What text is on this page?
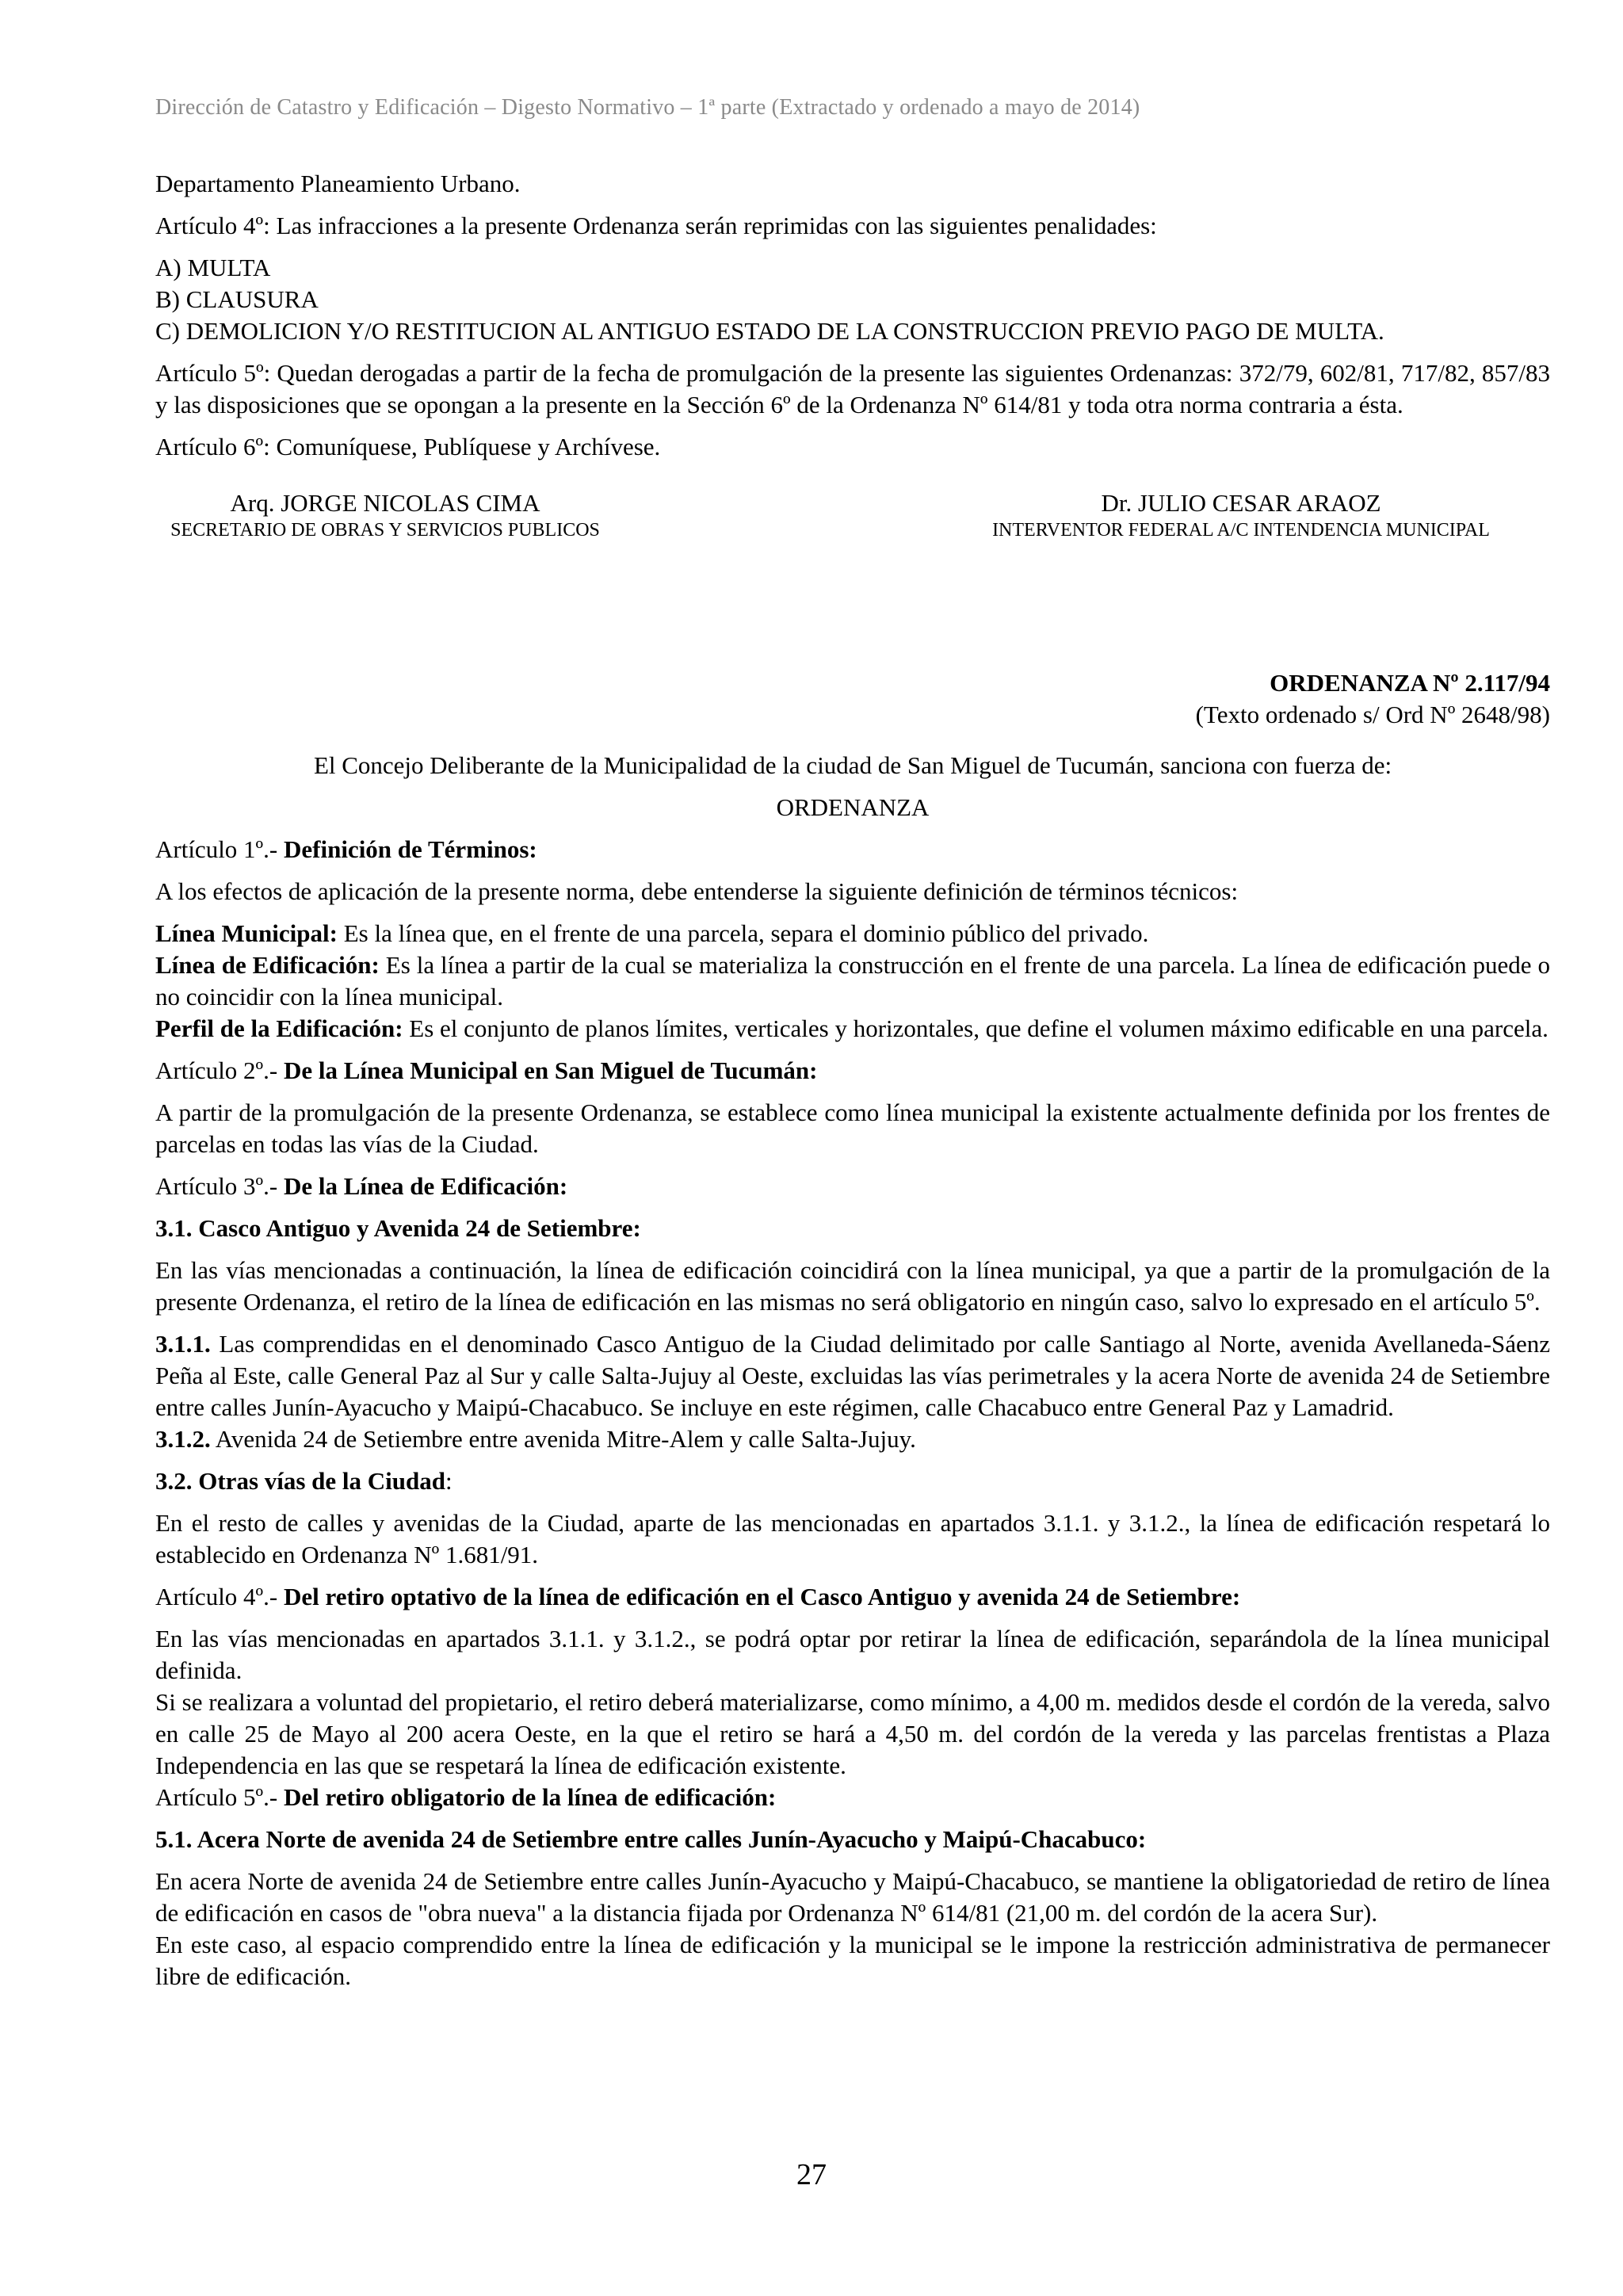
Dirección de Catastro y Edificación – Digesto Normativo – 1ª parte (Extractado y ordenado a mayo de 2014)

Departamento Planeamiento Urbano.

Artículo 4º: Las infracciones a la presente Ordenanza serán reprimidas con las siguientes penalidades:

A) MULTA

B) CLAUSURA

C) DEMOLICION Y/O RESTITUCION AL ANTIGUO ESTADO DE LA CONSTRUCCION PREVIO PAGO DE MULTA.

Artículo 5º: Quedan derogadas a partir de la fecha de promulgación de la presente las siguientes Ordenanzas: 372/79, 602/81, 717/82, 857/83 y las disposiciones que se opongan a la presente en la Sección 6º de la Ordenanza Nº 614/81 y toda otra norma contraria a ésta.

Artículo 6º: Comuníquese, Publíquese y Archívese.

Arq. JORGE NICOLAS CIMA
SECRETARIO DE OBRAS Y SERVICIOS PUBLICOS
Dr. JULIO CESAR ARAOZ
INTERVENTOR FEDERAL A/C INTENDENCIA MUNICIPAL

ORDENANZA Nº 2.117/94

(Texto ordenado s/ Ord Nº 2648/98)

El Concejo Deliberante de la Municipalidad de la ciudad de San Miguel de Tucumán, sanciona con fuerza de:

ORDENANZA

Artículo 1º.- Definición de Términos:

A los efectos de aplicación de la presente norma, debe entenderse la siguiente definición de términos técnicos:

Línea Municipal: Es la línea que, en el frente de una parcela, separa el dominio público del privado.

Línea de Edificación: Es la línea a partir de la cual se materializa la construcción en el frente de una parcela. La línea de edificación puede o no coincidir con la línea municipal.

Perfil de la Edificación: Es el conjunto de planos límites, verticales y horizontales, que define el volumen máximo edificable en una parcela.

Artículo 2º.- De la Línea Municipal en San Miguel de Tucumán:

A partir de la promulgación de la presente Ordenanza, se establece como línea municipal la existente actualmente definida por los frentes de parcelas en todas las vías de la Ciudad.

Artículo 3º.- De la Línea de Edificación:

3.1. Casco Antiguo y Avenida 24 de Setiembre:

En las vías mencionadas a continuación, la línea de edificación coincidirá con la línea municipal, ya que a partir de la promulgación de la presente Ordenanza, el retiro de la línea de edificación en las mismas no será obligatorio en ningún caso, salvo lo expresado en el artículo 5º.

3.1.1. Las comprendidas en el denominado Casco Antiguo de la Ciudad delimitado por calle Santiago al Norte, avenida Avellaneda-Sáenz Peña al Este, calle General Paz al Sur y calle Salta-Jujuy al Oeste, excluidas las vías perimetrales y la acera Norte de avenida 24 de Setiembre entre calles Junín-Ayacucho y Maipú-Chacabuco. Se incluye en este régimen, calle Chacabuco entre General Paz y Lamadrid.

3.1.2. Avenida 24 de Setiembre entre avenida Mitre-Alem y calle Salta-Jujuy.

3.2. Otras vías de la Ciudad:

En el resto de calles y avenidas de la Ciudad, aparte de las mencionadas en apartados 3.1.1. y 3.1.2., la línea de edificación respetará lo establecido en Ordenanza Nº 1.681/91.

Artículo 4º.- Del retiro optativo de la línea de edificación en el Casco Antiguo y avenida 24 de Setiembre:

En las vías mencionadas en apartados 3.1.1. y 3.1.2., se podrá optar por retirar la línea de edificación, separándola de la línea municipal definida.

Si se realizara a voluntad del propietario, el retiro deberá materializarse, como mínimo, a 4,00 m. medidos desde el cordón de la vereda, salvo en calle 25 de Mayo al 200 acera Oeste, en la que el retiro se hará a 4,50 m. del cordón de la vereda y las parcelas frentistas a Plaza Independencia en las que se respetará la línea de edificación existente.

Artículo 5º.- Del retiro obligatorio de la línea de edificación:

5.1. Acera Norte de avenida 24 de Setiembre entre calles Junín-Ayacucho y Maipú-Chacabuco:

En acera Norte de avenida 24 de Setiembre entre calles Junín-Ayacucho y Maipú-Chacabuco, se mantiene la obligatoriedad de retiro de línea de edificación en casos de "obra nueva" a la distancia fijada por Ordenanza Nº 614/81 (21,00 m. del cordón de la acera Sur).

En este caso, al espacio comprendido entre la línea de edificación y la municipal se le impone la restricción administrativa de permanecer libre de edificación.

27
